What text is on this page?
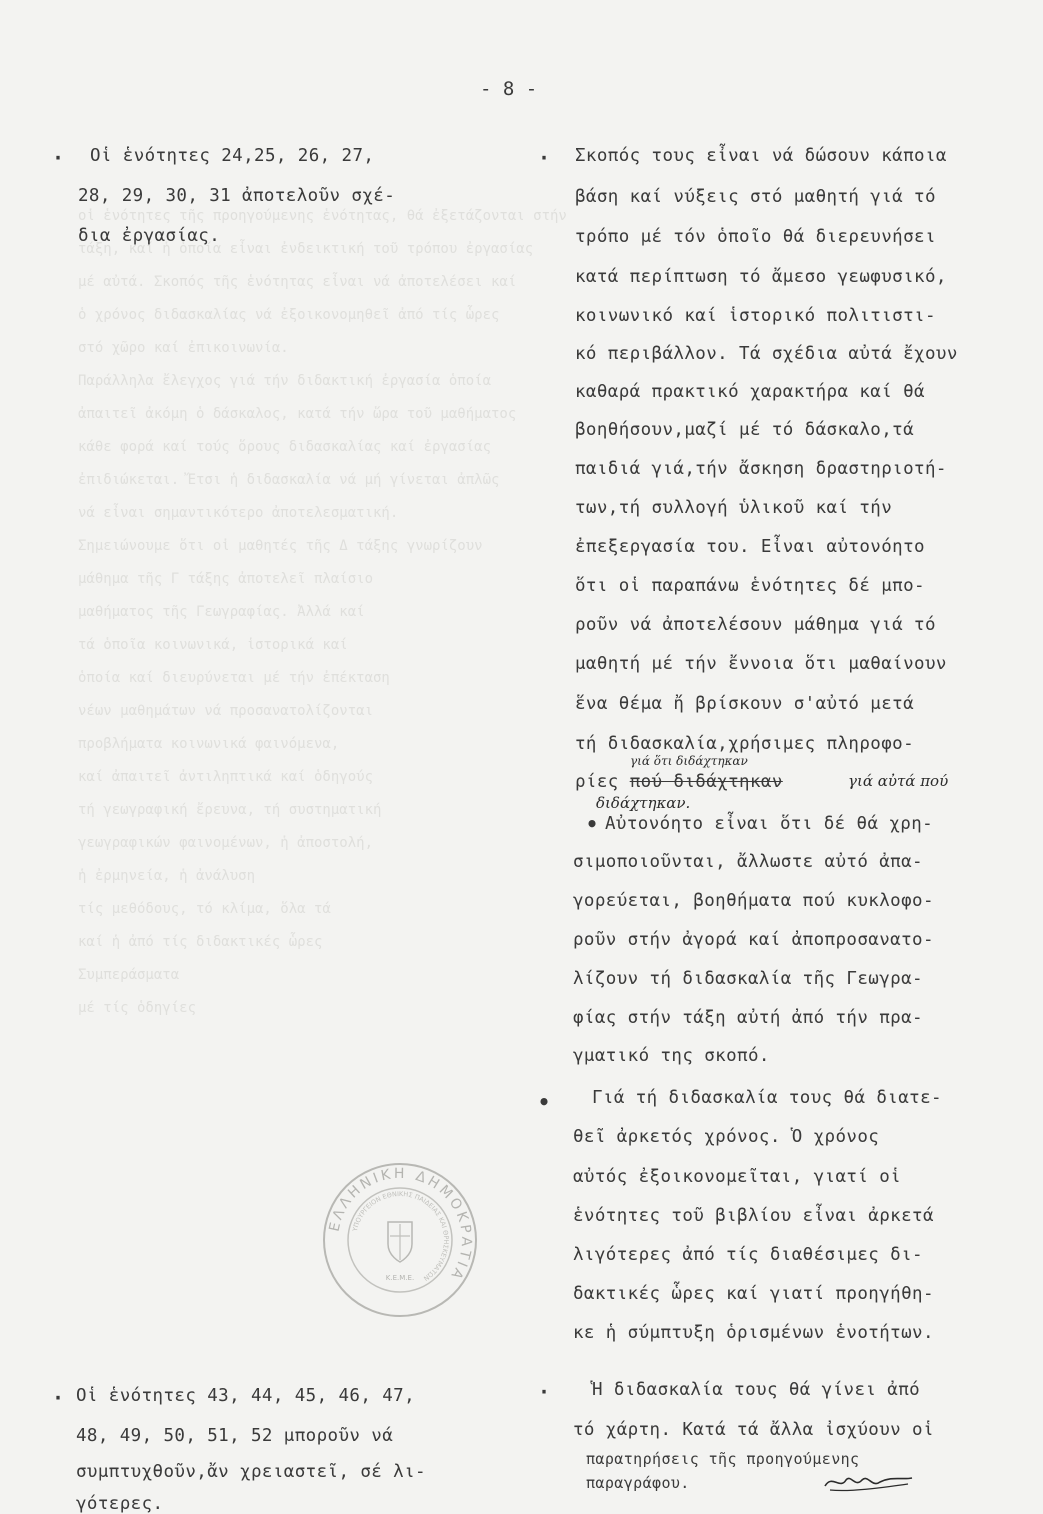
οἱ ἑνότητες τῆς προηγούμενης ἑνότητας, θά ἐξετάζονται στήν
τάξη, καί ἡ ὁποία εἶναι ἐνδεικτική τοῦ τρόπου ἐργασίας
μέ αὐτά. Σκοπός τῆς ἑνότητας εἶναι νά ἀποτελέσει καί
ὁ χρόνος διδασκαλίας νά ἐξοικονομηθεῖ ἀπό τίς ὧρες
στό χῶρο καί ἐπικοινωνία.
Παράλληλα ἔλεγχος γιά τήν διδακτική ἐργασία ὁποία
ἀπαιτεῖ ἀκόμη ὁ δάσκαλος, κατά τήν ὥρα τοῦ μαθήματος
κάθε φορά καί τούς ὅρους διδασκαλίας καί ἐργασίας
ἐπιδιώκεται. Ἔτσι ἡ διδασκαλία νά μή γίνεται ἀπλῶς
νά εἶναι σημαντικότερο ἀποτελεσματική.
Σημειώνουμε ὅτι οἱ μαθητές τῆς Δ τάξης γνωρίζουν
μάθημα τῆς Γ τάξης ἀποτελεῖ πλαίσιο
μαθήματος τῆς Γεωγραφίας. Ἀλλά καί
τά ὁποῖα κοινωνικά, ἱστορικά καί
ὁποία καί διευρύνεται μέ τήν ἐπέκταση
νέων μαθημάτων νά προσανατολίζονται
προβλήματα κοινωνικά φαινόμενα,
καί ἀπαιτεῖ ἀντιληπτικά καί ὁδηγούς
τή γεωγραφική ἔρευνα, τή συστηματική
γεωγραφικών φαινομένων, ἡ ἀποστολή,
ἡ ἐρμηνεία, ἡ ἀνάλυση
τίς μεθόδους, τό κλίμα, ὅλα τά
καί ἡ ἀπό τίς διδακτικές ὧρες
Συμπεράσματα
μέ τίς ὁδηγίες
- 8 -
· Οἱ ἑνότητες 24,25, 26, 27,
28, 29, 30, 31 ἀποτελοῦν σχέ-
δια ἐργασίας.
· Οἱ ἑνότητες 43, 44, 45, 46, 47,
48, 49, 50, 51, 52 μποροῦν νά
συμπτυχθοῦν,ἄν χρειαστεῖ, σέ λι-
γότερες.
· Σκοπός τους εἶναι νά δώσουν κάποια
βάση καί νύξεις στό μαθητή γιά τό
τρόπο μέ τόν ὁποῖο θά διερευνήσει
κατά περίπτωση τό ἄμεσο γεωφυσικό,
κοινωνικό καί ἱστορικό πολιτιστι-
κό περιβάλλον. Τά σχέδια αὐτά ἔχουν
καθαρά πρακτικό χαρακτήρα καί θά
βοηθήσουν,μαζί μέ τό δάσκαλο,τά
παιδιά γιά,τήν ἄσκηση δραστηριοτή-
των,τή συλλογή ὑλικοῦ καί τήν
ἐπεξεργασία του. Εἶναι αὐτονόητο
ὅτι οἱ παραπάνω ἑνότητες δέ μπο-
ροῦν νά ἀποτελέσουν μάθημα γιά τό
μαθητή μέ τήν ἔννοια ὅτι μαθαίνουν
ἕνα θέμα ἤ βρίσκουν σ'αὐτό μετά
τή διδασκαλία,χρήσιμες πληροφο-
γιά ὅτι διδάχτηκαν
ρίες πού διδάχτηκαν	γιά αὐτά πού
διδάχτηκαν.
• Αὐτονόητο εἶναι ὅτι δέ θά χρη-
σιμοποιοῦνται, ἄλλωστε αὐτό ἀπα-
γορεύεται, βοηθήματα πού κυκλοφο-
ροῦν στήν ἀγορά καί ἀποπροσανατο-
λίζουν τή διδασκαλία τῆς Γεωγρα-
φίας στήν τάξη αὐτή ἀπό τήν πρα-
γματικό της σκοπό.
• Γιά τή διδασκαλία τους θά διατε-
θεῖ ἀρκετός χρόνος. Ὁ χρόνος
αὐτός ἐξοικονομεῖται, γιατί οἱ
ἑνότητες τοῦ βιβλίου εἶναι ἀρκετά
λιγότερες ἀπό τίς διαθέσιμες δι-
δακτικές ὧρες καί γιατί προηγήθη-
κε ἡ σύμπτυξη ὁρισμένων ἑνοτήτων.
· Ἡ διδασκαλία τους θά γίνει ἀπό
τό χάρτη. Κατά τά ἄλλα ἰσχύουν οἱ
παρατηρήσεις τῆς προηγούμενης
παραγράφου.
ΕΛΛΗΝΙΚΗ ΔΗΜΟΚΡΑΤΙΑ
ΥΠΟΥΡΓΕΙΟΝ ΕΘΝΙΚΗΣ ΠΑΙΔΕΙΑΣ ΚΑΙ ΘΡΗΣΚΕΥΜΑΤΩΝ
Κ.Ε.Μ.Ε.
